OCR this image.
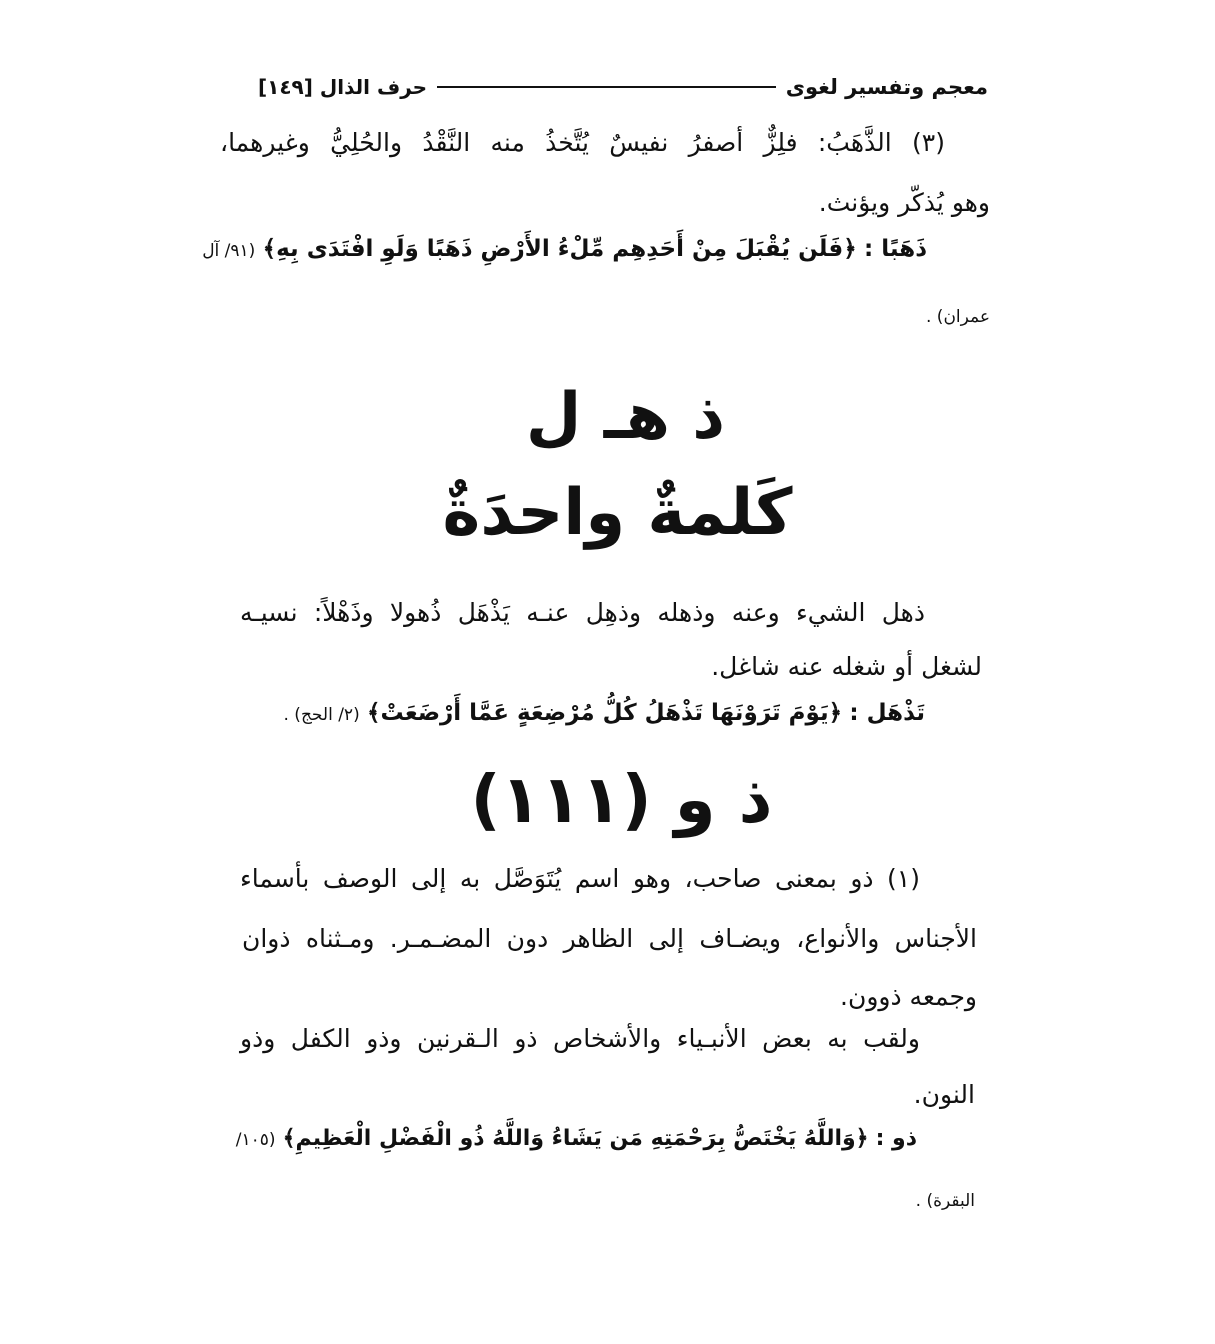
معجم وتفسير لغوى
حرف الذال [١٤٩]
(٣) الذَّهَبُ: فلِزٌّ أصفرُ نفيسٌ يُتَّخذُ منه النَّقْدُ والحُلِيُّ وغيرهما،
وهو يُذكّر ويؤنث.
ذَهَبًا : ﴿فَلَن يُقْبَلَ مِنْ أَحَدِهِم مِّلْءُ الأَرْضِ ذَهَبًا وَلَوِ افْتَدَى بِهِ﴾ (٩١/ آل
عمران) .
ذ هـ ل
كَلمةٌ واحدَةٌ
ذهل الشيء وعنه وذهله وذهِل عنـه يَذْهَل ذُهولا وذَهْلاً: نسيـه
لشغل أو شغله عنه شاغل.
تَذْهَل : ﴿يَوْمَ تَرَوْنَهَا تَذْهَلُ كُلُّ مُرْضِعَةٍ عَمَّا أَرْضَعَتْ﴾ (٢/ الحج) .
ذ و (١١١)
(١) ذو بمعنى صاحب، وهو اسم يُتَوَصَّل به إلى الوصف بأسماء
الأجناس والأنواع، ويضـاف إلى الظاهر دون المضـمـر. ومـثناه ذوان
وجمعه ذوون.
ولقب به بعض الأنبـياء والأشخاص ذو الـقرنين وذو الكفل وذو
النون.
ذو : ﴿وَاللَّهُ يَخْتَصُّ بِرَحْمَتِهِ مَن يَشَاءُ وَاللَّهُ ذُو الْفَضْلِ الْعَظِيمِ﴾ (١٠٥/
البقرة) .
